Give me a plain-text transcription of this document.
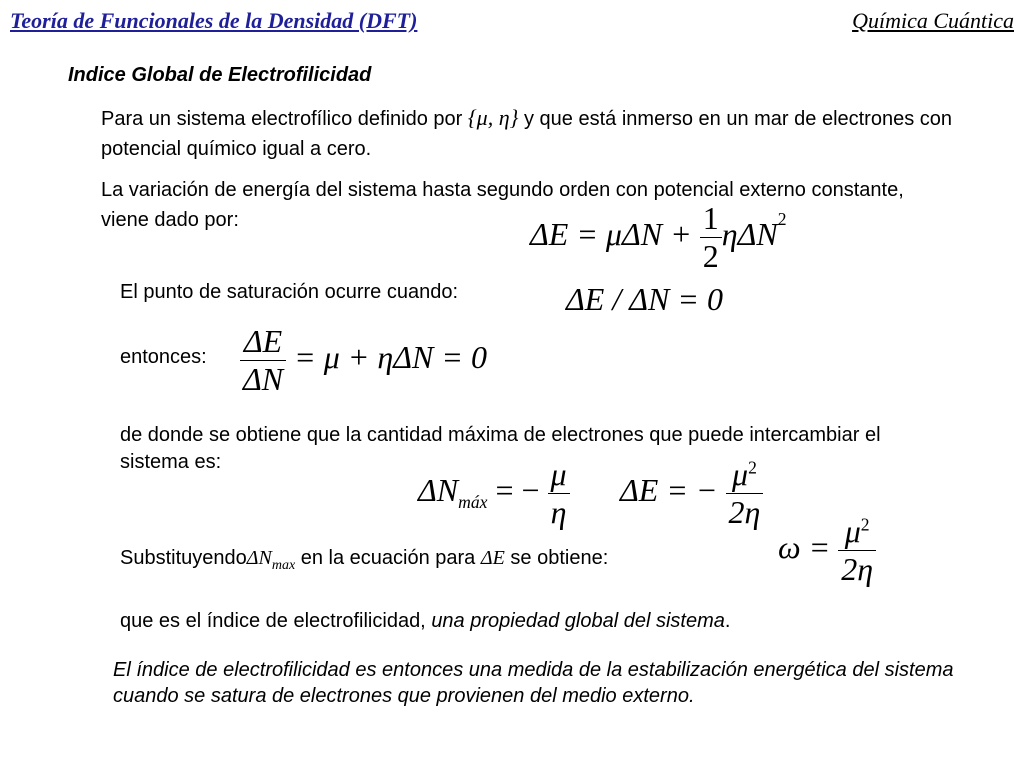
Teoría de Funcionales de la Densidad (DFT)	Química Cuántica
Indice Global de Electrofilicidad
Para un sistema electrofílico definido por {μ, η} y que está inmerso en un mar de electrones con potencial químico igual a cero.
La variación de energía del sistema hasta segundo orden con potencial externo constante, viene dado por:	$\Delta E = \mu\Delta N + \frac{1}{2} \eta\Delta N^2$
El punto de saturación ocurre cuando:	ΔE / ΔN = 0
entonces: $\frac{\Delta E}{\Delta N} = \mu + \eta\Delta N = 0$
de donde se obtiene que la cantidad máxima de electrones que puede intercambiar el sistema es:
$\Delta N_{máx}$ = − $\frac{\mu}{\eta}$ ΔE = − $\frac{\mu^2}{2\eta}$
SubstituyendoΔN$_{max}$ en la ecuación para ΔE se obtiene:	$\omega = \frac{\mu^2}{2\eta}$
que es el índice de electrofilicidad, una propiedad global del sistema.
El índice de electrofilicidad es entonces una medida de la estabilización energética del sistema cuando se satura de electrones que provienen del medio externo.
